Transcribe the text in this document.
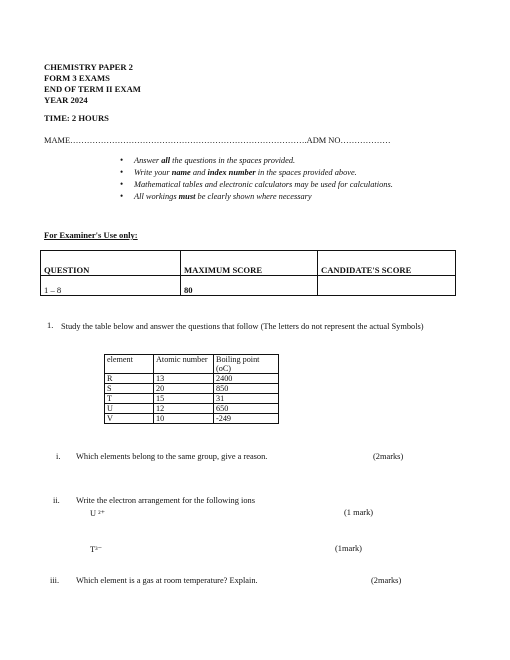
CHEMISTRY PAPER 2
FORM 3 EXAMS
END OF TERM II EXAM
YEAR 2024
TIME: 2 HOURS
MAME………………………………………………………………………….ADM NO………………
• Answer all the questions in the spaces provided.
• Write your name and index number in the spaces provided above.
• Mathematical tables and electronic calculators may be used for calculations.
• All workings must be clearly shown where necessary
For Examiner's Use only:
QUESTION	MAXIMUM SCORE	CANDIDATE'S SCORE
1 – 8	80	
1. Study the table below and answer the questions that follow (The letters do not represent the actual Symbols)
element	Atomic number	Boiling point (oC)
R	13	2400
S	20	850
T	15	31
U	12	650
V	10	-249
i. Which elements belong to the same group, give a reason.	(2marks)
ii. Write the electron arrangement for the following ions
U ²⁺	(1 mark)
T³⁻	(1mark)
iii. Which element is a gas at room temperature? Explain.	(2marks)
